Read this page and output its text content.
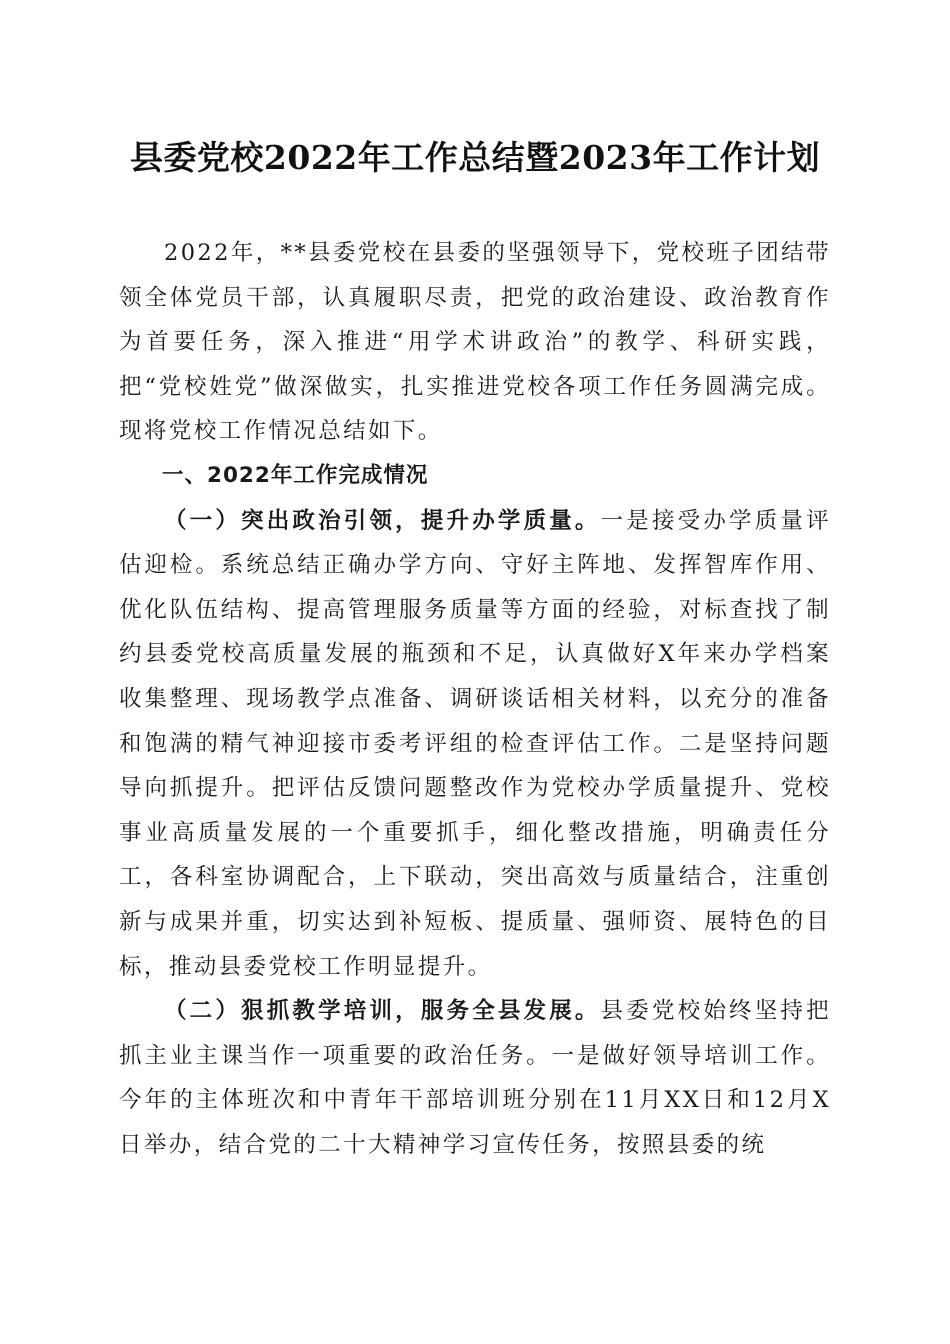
县委党校2022年工作总结暨2023年工作计划

2022年，**县委党校在县委的坚强领导下，党校班子团结带领全体党员干部，认真履职尽责，把党的政治建设、政治教育作为首要任务，深入推进“用学术讲政治”的教学、科研实践，把“党校姓党”做深做实，扎实推进党校各项工作任务圆满完成。现将党校工作情况总结如下。

一、2022年工作完成情况

（一）突出政治引领，提升办学质量。一是接受办学质量评估迎检。系统总结正确办学方向、守好主阵地、发挥智库作用、优化队伍结构、提高管理服务质量等方面的经验，对标查找了制约县委党校高质量发展的瓶颈和不足，认真做好X年来办学档案收集整理、现场教学点准备、调研谈话相关材料，以充分的准备和饱满的精气神迎接市委考评组的检查评估工作。二是坚持问题导向抓提升。把评估反馈问题整改作为党校办学质量提升、党校事业高质量发展的一个重要抓手，细化整改措施，明确责任分工，各科室协调配合，上下联动，突出高效与质量结合，注重创新与成果并重，切实达到补短板、提质量、强师资、展特色的目标，推动县委党校工作明显提升。

（二）狠抓教学培训，服务全县发展。县委党校始终坚持把抓主业主课当作一项重要的政治任务。一是做好领导培训工作。今年的主体班次和中青年干部培训班分别在11月XX日和12月X日举办，结合党的二十大精神学习宣传任务，按照县委的统
